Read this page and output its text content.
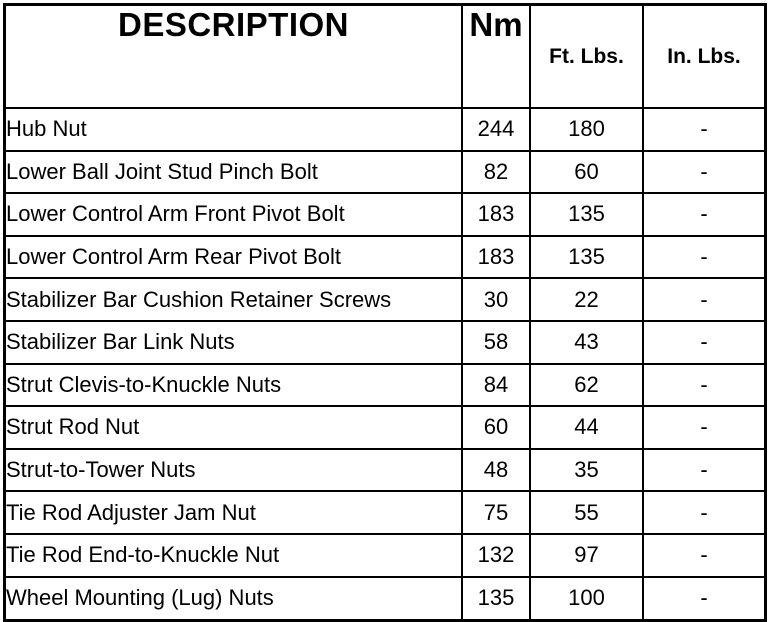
DESCRIPTION	Nm	Ft. Lbs.	In. Lbs.
Hub Nut	244	180	-
Lower Ball Joint Stud Pinch Bolt	82	60	-
Lower Control Arm Front Pivot Bolt	183	135	-
Lower Control Arm Rear Pivot Bolt	183	135	-
Stabilizer Bar Cushion Retainer Screws	30	22	-
Stabilizer Bar Link Nuts	58	43	-
Strut Clevis-to-Knuckle Nuts	84	62	-
Strut Rod Nut	60	44	-
Strut-to-Tower Nuts	48	35	-
Tie Rod Adjuster Jam Nut	75	55	-
Tie Rod End-to-Knuckle Nut	132	97	-
Wheel Mounting (Lug) Nuts	135	100	-
